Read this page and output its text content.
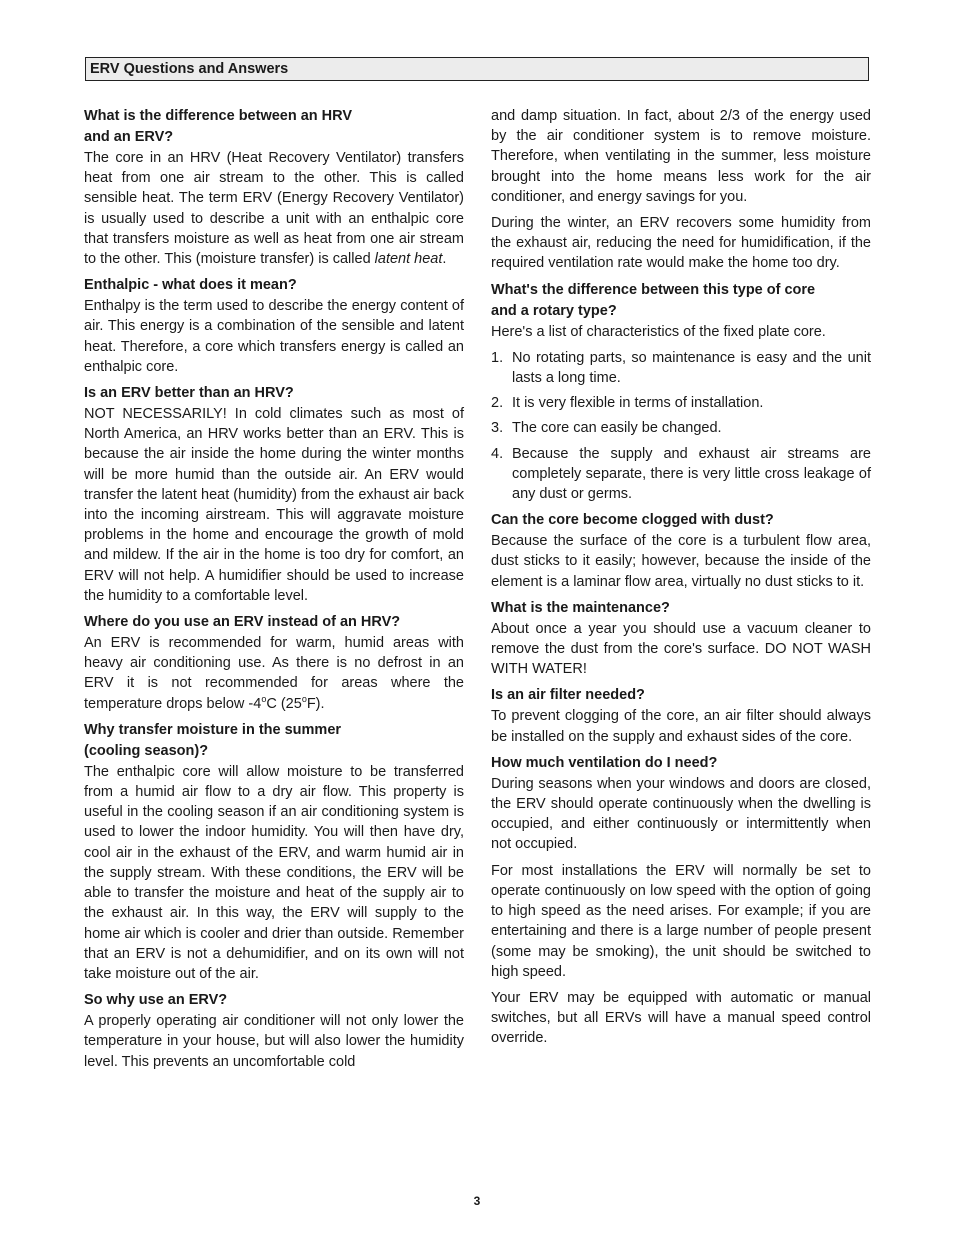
ERV Questions and Answers

What is the difference between an HRV
and an ERV?

The core in an HRV (Heat Recovery Ventilator) transfers heat from one air stream to the other. This is called sensible heat. The term ERV (Energy Recovery Ventilator) is usually used to describe a unit with an enthalpic core that transfers moisture as well as heat from one air stream to the other. This (moisture transfer) is called latent heat.

Enthalpic - what does it mean?

Enthalpy is the term used to describe the energy content of air. This energy is a combination of the sensible and latent heat. Therefore, a core which transfers energy is called an enthalpic core.

Is an ERV better than an HRV?

NOT NECESSARILY! In cold climates such as most of North America, an HRV works better than an ERV. This is because the air inside the home during the winter months will be more humid than the outside air. An ERV would transfer the latent heat (humidity) from the exhaust air back into the incoming airstream. This will aggravate moisture problems in the home and encourage the growth of mold and mildew. If the air in the home is too dry for comfort, an ERV will not help. A humidifier should be used to increase the humidity to a comfortable level.

Where do you use an ERV instead of an HRV?

An ERV is recommended for warm, humid areas with heavy air conditioning use. As there is no defrost in an ERV it is not recommended for areas where the temperature drops below -4$^o$C (25$^o$F).

Why transfer moisture in the summer
(cooling season)?

The enthalpic core will allow moisture to be transferred from a humid air flow to a dry air flow. This property is useful in the cooling season if an air conditioning system is used to lower the indoor humidity. You will then have dry, cool air in the exhaust of the ERV, and warm humid air in the supply stream. With these conditions, the ERV will be able to transfer the moisture and heat of the supply air to the exhaust air. In this way, the ERV will supply to the home air which is cooler and drier than outside. Remember that an ERV is not a dehumidifier, and on its own will not take moisture out of the air.

So why use an ERV?

A properly operating air conditioner will not only lower the temperature in your house, but will also lower the humidity level. This prevents an uncomfortable cold

and damp situation. In fact, about 2/3 of the energy used by the air conditioner system is to remove moisture. Therefore, when ventilating in the summer, less moisture brought into the home means less work for the air conditioner, and energy savings for you.

During the winter, an ERV recovers some humidity from the exhaust air, reducing the need for humidification, if the required ventilation rate would make the home too dry.

What's the difference between this type of core
and a rotary type?

Here's a list of characteristics of the fixed plate core.

1. No rotating parts, so maintenance is easy and the unit lasts a long time.
2. It is very flexible in terms of installation.
3. The core can easily be changed.
4. Because the supply and exhaust air streams are completely separate, there is very little cross leakage of any dust or germs.

Can the core become clogged with dust?

Because the surface of the core is a turbulent flow area, dust sticks to it easily; however, because the inside of the element is a laminar flow area, virtually no dust sticks to it.

What is the maintenance?

About once a year you should use a vacuum cleaner to remove the dust from the core's surface. DO NOT WASH WITH WATER!

Is an air filter needed?

To prevent clogging of the core, an air filter should always be installed on the supply and exhaust sides of the core.

How much ventilation do I need?

During seasons when your windows and doors are closed, the ERV should operate continuously when the dwelling is occupied, and either continuously or intermittently when not occupied.

For most installations the ERV will normally be set to operate continuously on low speed with the option of going to high speed as the need arises. For example; if you are entertaining and there is a large number of people present (some may be smoking), the unit should be switched to high speed.

Your ERV may be equipped with automatic or manual switches, but all ERVs will have a manual speed control override.

3
